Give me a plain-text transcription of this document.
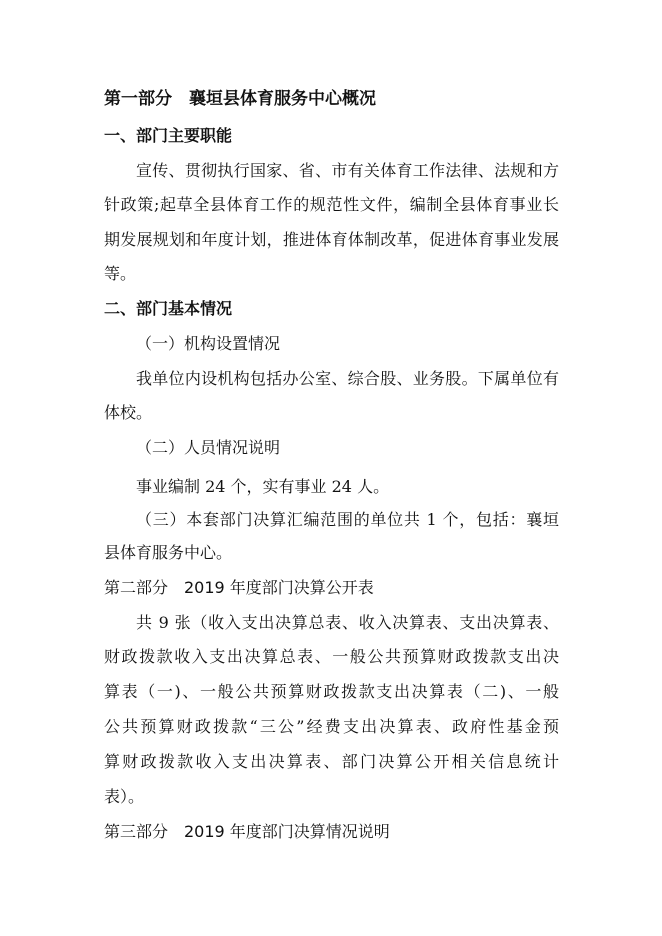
第一部分　襄垣县体育服务中心概况

一、部门主要职能

宣传、贯彻执行国家、省、市有关体育工作法律、法规和方

针政策;起草全县体育工作的规范性文件，编制全县体育事业长

期发展规划和年度计划，推进体育体制改革，促进体育事业发展

等。

二、部门基本情况

（一）机构设置情况

我单位内设机构包括办公室、综合股、业务股。下属单位有

体校。

（二）人员情况说明

事业编制 24 个，实有事业 24 人。

（三）本套部门决算汇编范围的单位共 1 个，包括：襄垣

县体育服务中心。

第二部分　2019 年度部门决算公开表

共 9 张（收入支出决算总表、收入决算表、支出决算表、

财政拨款收入支出决算总表、一般公共预算财政拨款支出决

算表（一)、一般公共预算财政拨款支出决算表（二)、一般

公共预算财政拨款“三公”经费支出决算表、政府性基金预

算财政拨款收入支出决算表、部门决算公开相关信息统计

表）。

第三部分　2019 年度部门决算情况说明
